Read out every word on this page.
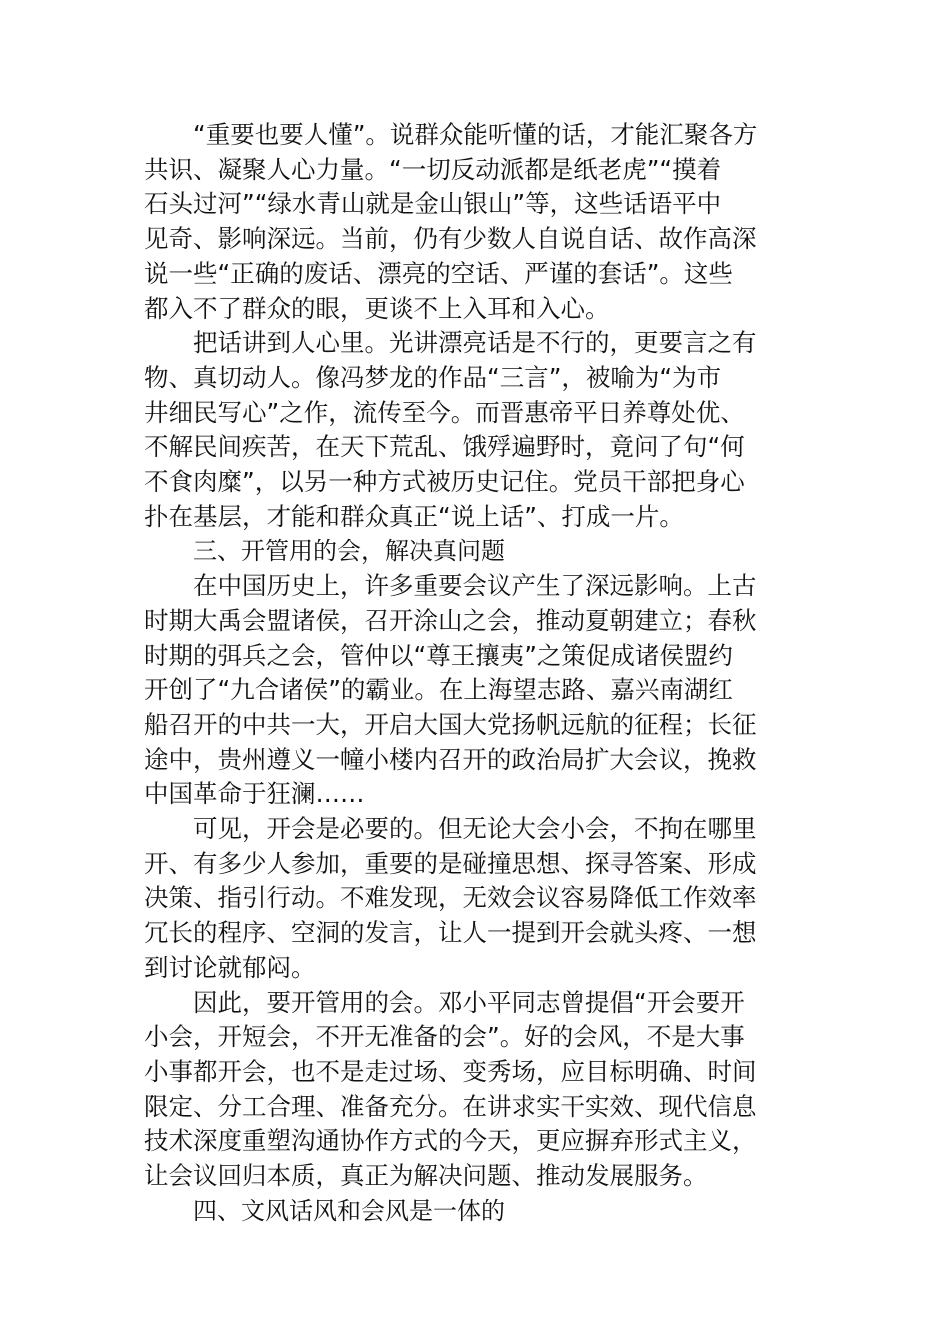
“重要也要人懂”。说群众能听懂的话，才能汇聚各方
共识、凝聚人心力量。“一切反动派都是纸老虎”“摸着
石头过河”“绿水青山就是金山银山”等，这些话语平中
见奇、影响深远。当前，仍有少数人自说自话、故作高深
说一些“正确的废话、漂亮的空话、严谨的套话”。这些
都入不了群众的眼，更谈不上入耳和入心。

把话讲到人心里。光讲漂亮话是不行的，更要言之有
物、真切动人。像冯梦龙的作品“三言”，被喻为“为市
井细民写心”之作，流传至今。而晋惠帝平日养尊处优、
不解民间疾苦，在天下荒乱、饿殍遍野时，竟问了句“何
不食肉糜”，以另一种方式被历史记住。党员干部把身心
扑在基层，才能和群众真正“说上话”、打成一片。

三、开管用的会，解决真问题

在中国历史上，许多重要会议产生了深远影响。上古
时期大禹会盟诸侯，召开涂山之会，推动夏朝建立；春秋
时期的弭兵之会，管仲以“尊王攘夷”之策促成诸侯盟约
开创了“九合诸侯”的霸业。在上海望志路、嘉兴南湖红
船召开的中共一大，开启大国大党扬帆远航的征程；长征
途中，贵州遵义一幢小楼内召开的政治局扩大会议，挽救
中国革命于狂澜……

可见，开会是必要的。但无论大会小会，不拘在哪里
开、有多少人参加，重要的是碰撞思想、探寻答案、形成
决策、指引行动。不难发现，无效会议容易降低工作效率
冗长的程序、空洞的发言，让人一提到开会就头疼、一想
到讨论就郁闷。

因此，要开管用的会。邓小平同志曾提倡“开会要开
小会，开短会，不开无准备的会”。好的会风，不是大事
小事都开会，也不是走过场、变秀场，应目标明确、时间
限定、分工合理、准备充分。在讲求实干实效、现代信息
技术深度重塑沟通协作方式的今天，更应摒弃形式主义，
让会议回归本质，真正为解决问题、推动发展服务。

四、文风话风和会风是一体的
